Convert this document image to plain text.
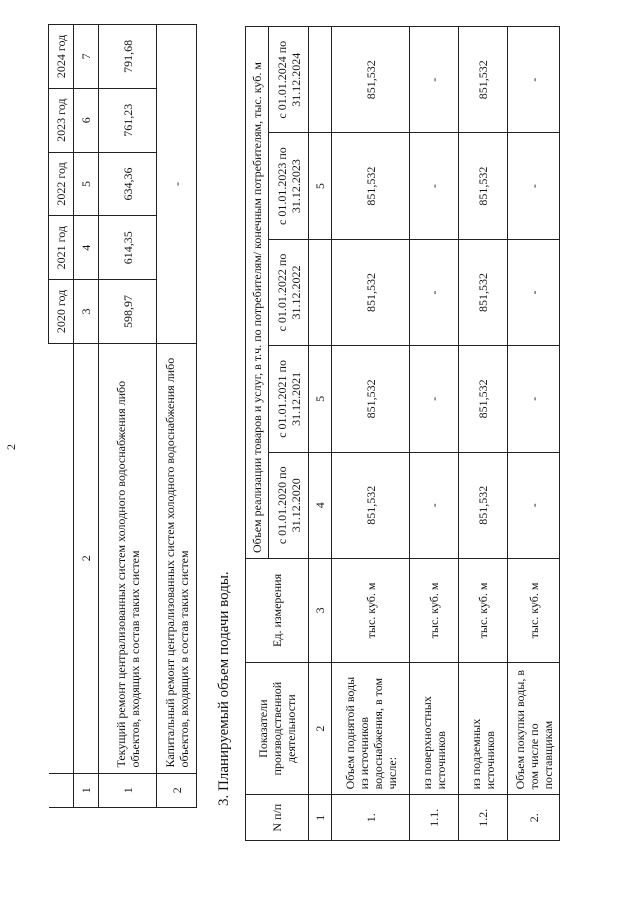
2
		2020 год	2021 год	2022 год	2023 год	2024 год
1	2	3	4	5	6	7
1	Текущий ремонт централизованных систем холодного водоснабжения либо объектов, входящих в состав таких систем	598,97	614,35	634,36	761,23	791,68
2	Капитальный ремонт централизованных систем холодного водоснабжения либо объектов, входящих в состав таких систем	-				
3. Планируемый объем подачи воды.
N п/п	Показатели производственной деятельности	Ед. измерения	Объем реализации товаров и услуг, в т.ч. по потребителям/ конечным потребителям, тыс. куб. м				
			с 01.01.2020 по 31.12.2020	с 01.01.2021 по 31.12.2021	с 01.01.2022 по 31.12.2022	с 01.01.2023 по 31.12.2023	с 01.01.2024 по 31.12.2024
1	2	3	4	5		5	
1.	Объем поднятой воды из источников водоснабжения, в том числе:	тыс. куб. м	851,532	851,532	851,532	851,532	851,532
1.1.	из поверхностных источников	тыс. куб. м	-	-	-	-	-
1.2.	из подземных источников	тыс. куб. м	851,532	851,532	851,532	851,532	851,532
2.	Объем покупки воды, в том числе по поставщикам	тыс. куб. м	-	-	-	-	-
